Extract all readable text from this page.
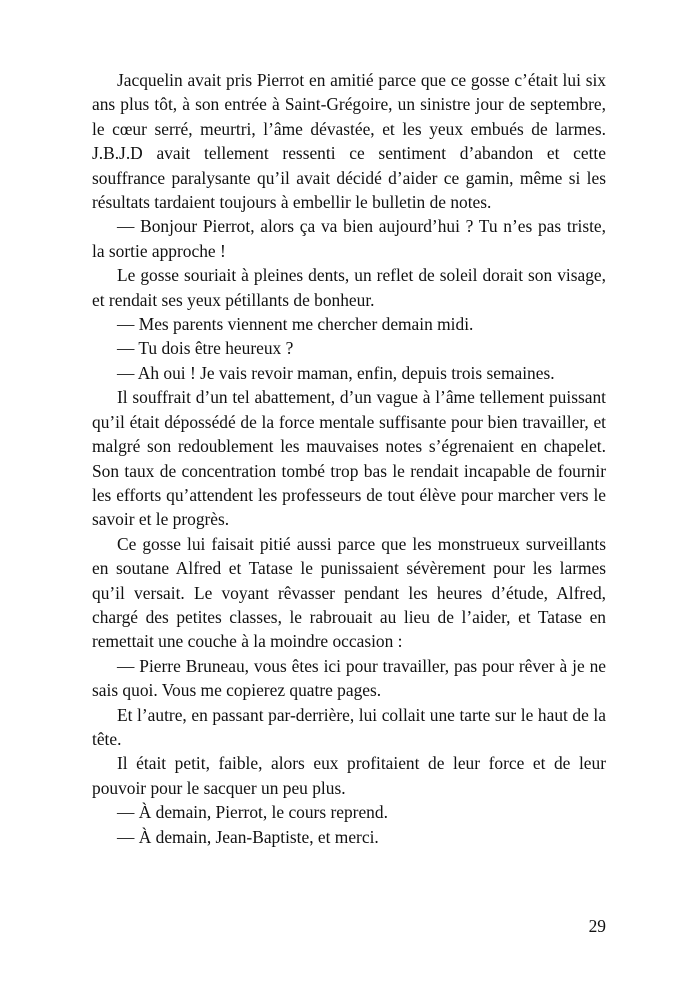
Jacquelin avait pris Pierrot en amitié parce que ce gosse c’était lui six ans plus tôt, à son entrée à Saint-Grégoire, un sinistre jour de septembre, le cœur serré, meurtri, l’âme dévastée, et les yeux embués de larmes. J.B.J.D avait tellement ressenti ce sentiment d’abandon et cette souffrance paralysante qu’il avait décidé d’aider ce gamin, même si les résultats tardaient toujours à embellir le bulletin de notes.

— Bonjour Pierrot, alors ça va bien aujourd’hui ? Tu n’es pas triste, la sortie approche !

Le gosse souriait à pleines dents, un reflet de soleil dorait son visage, et rendait ses yeux pétillants de bonheur.

— Mes parents viennent me chercher demain midi.

— Tu dois être heureux ?

— Ah oui ! Je vais revoir maman, enfin, depuis trois semaines.

Il souffrait d’un tel abattement, d’un vague à l’âme tellement puissant qu’il était dépossédé de la force mentale suffisante pour bien travailler, et malgré son redoublement les mauvaises notes s’égrenaient en chapelet. Son taux de concentration tombé trop bas le rendait incapable de fournir les efforts qu’attendent les professeurs de tout élève pour marcher vers le savoir et le progrès.

Ce gosse lui faisait pitié aussi parce que les monstrueux surveillants en soutane Alfred et Tatase le punissaient sévèrement pour les larmes qu’il versait. Le voyant rêvasser pendant les heures d’étude, Alfred, chargé des petites classes, le rabrouait au lieu de l’aider, et Tatase en remettait une couche à la moindre occasion :

— Pierre Bruneau, vous êtes ici pour travailler, pas pour rêver à je ne sais quoi. Vous me copierez quatre pages.

Et l’autre, en passant par-derrière, lui collait une tarte sur le haut de la tête.

Il était petit, faible, alors eux profitaient de leur force et de leur pouvoir pour le sacquer un peu plus.

— À demain, Pierrot, le cours reprend.

— À demain, Jean-Baptiste, et merci.

29
